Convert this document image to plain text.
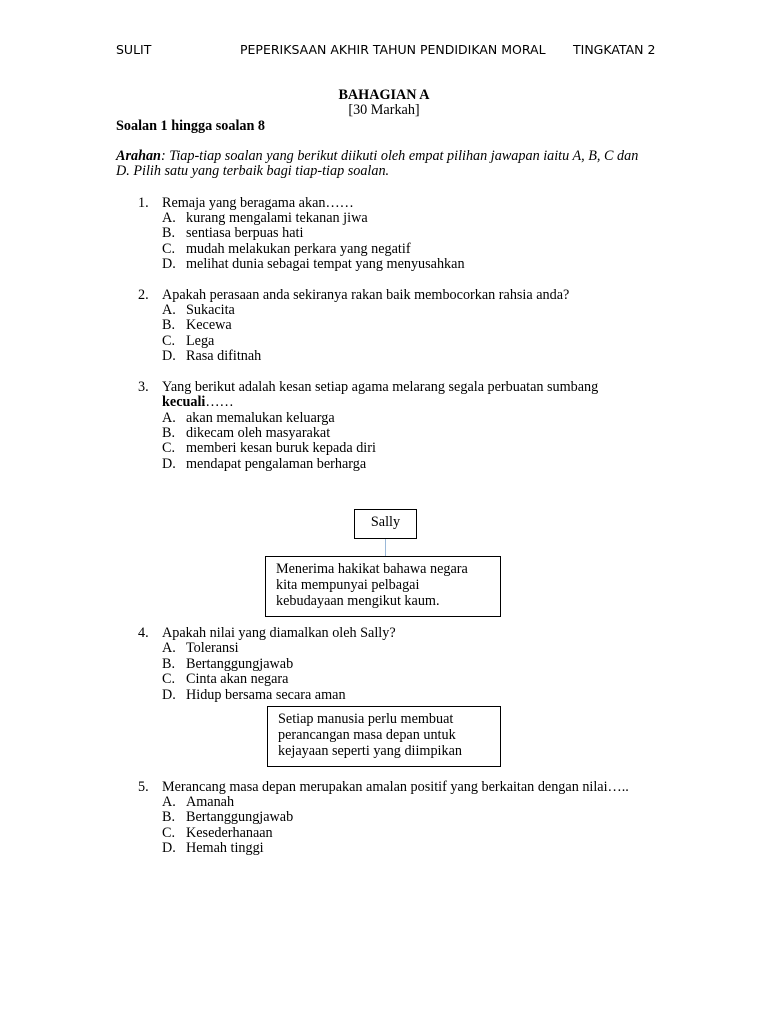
SULIT	PEPERIKSAAN AKHIR TAHUN PENDIDIKAN MORAL TINGKATAN 2
BAHAGIAN A
[30 Markah]
Soalan 1 hingga soalan 8
Arahan: Tiap-tiap soalan yang berikut diikuti oleh empat pilihan jawapan iaitu A, B, C dan
D. Pilih satu yang terbaik bagi tiap-tiap soalan.
1. Remaja yang beragama akan……
A. kurang mengalami tekanan jiwa
B. sentiasa berpuas hati
C. mudah melakukan perkara yang negatif
D. melihat dunia sebagai tempat yang menyusahkan
2. Apakah perasaan anda sekiranya rakan baik membocorkan rahsia anda?
A. Sukacita
B. Kecewa
C. Lega
D. Rasa difitnah
3. Yang berikut adalah kesan setiap agama melarang segala perbuatan sumbang
kecuali……
A. akan memalukan keluarga
B. dikecam oleh masyarakat
C. memberi kesan buruk kepada diri
D. mendapat pengalaman berharga
Sally
Menerima hakikat bahawa negara
kita mempunyai pelbagai
kebudayaan mengikut kaum.
4. Apakah nilai yang diamalkan oleh Sally?
A. Toleransi
B. Bertanggungjawab
C. Cinta akan negara
D. Hidup bersama secara aman
Setiap manusia perlu membuat
perancangan masa depan untuk
kejayaan seperti yang diimpikan
5. Merancang masa depan merupakan amalan positif yang berkaitan dengan nilai…..
A. Amanah
B. Bertanggungjawab
C. Kesederhanaan
D. Hemah tinggi
